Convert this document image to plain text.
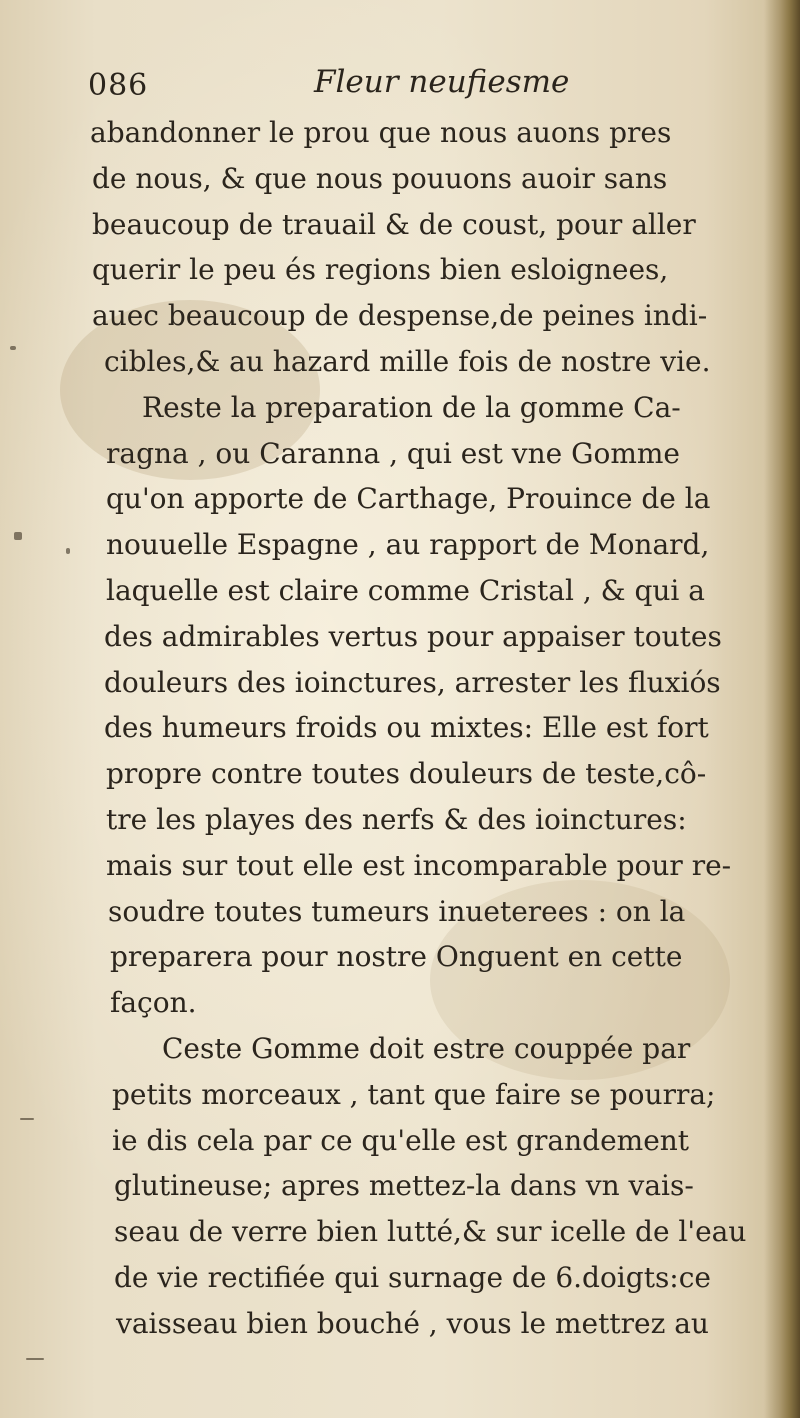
086	Fleur neufiesme
abandonner le prou que nous auons pres
de nous, & que nous pouuons auoir sans
beaucoup de trauail & de coust, pour aller
querir le peu és regions bien esloignees,
auec beaucoup de despense,de peines indi-
cibles,& au hazard mille fois de nostre vie.
Reste la preparation de la gomme Ca-
ragna , ou Caranna , qui est vne Gomme
qu'on apporte de Carthage, Prouince de la
nouuelle Espagne , au rapport de Monard,
laquelle est claire comme Cristal , & qui a
des admirables vertus pour appaiser toutes
douleurs des ioinctures, arrester les fluxiós
des humeurs froids ou mixtes: Elle est fort
propre contre toutes douleurs de teste,cô-
tre les playes des nerfs & des ioinctures:
mais sur tout elle est incomparable pour re-
soudre toutes tumeurs inueterees : on la
preparera pour nostre Onguent en cette
façon.
Ceste Gomme doit estre couppée par
petits morceaux , tant que faire se pourra;
ie dis cela par ce qu'elle est grandement
glutineuse; apres mettez-la dans vn vais-
seau de verre bien lutté,& sur icelle de l'eau
de vie rectifiée qui surnage de 6.doigts:ce
vaisseau bien bouché , vous le mettrez au
